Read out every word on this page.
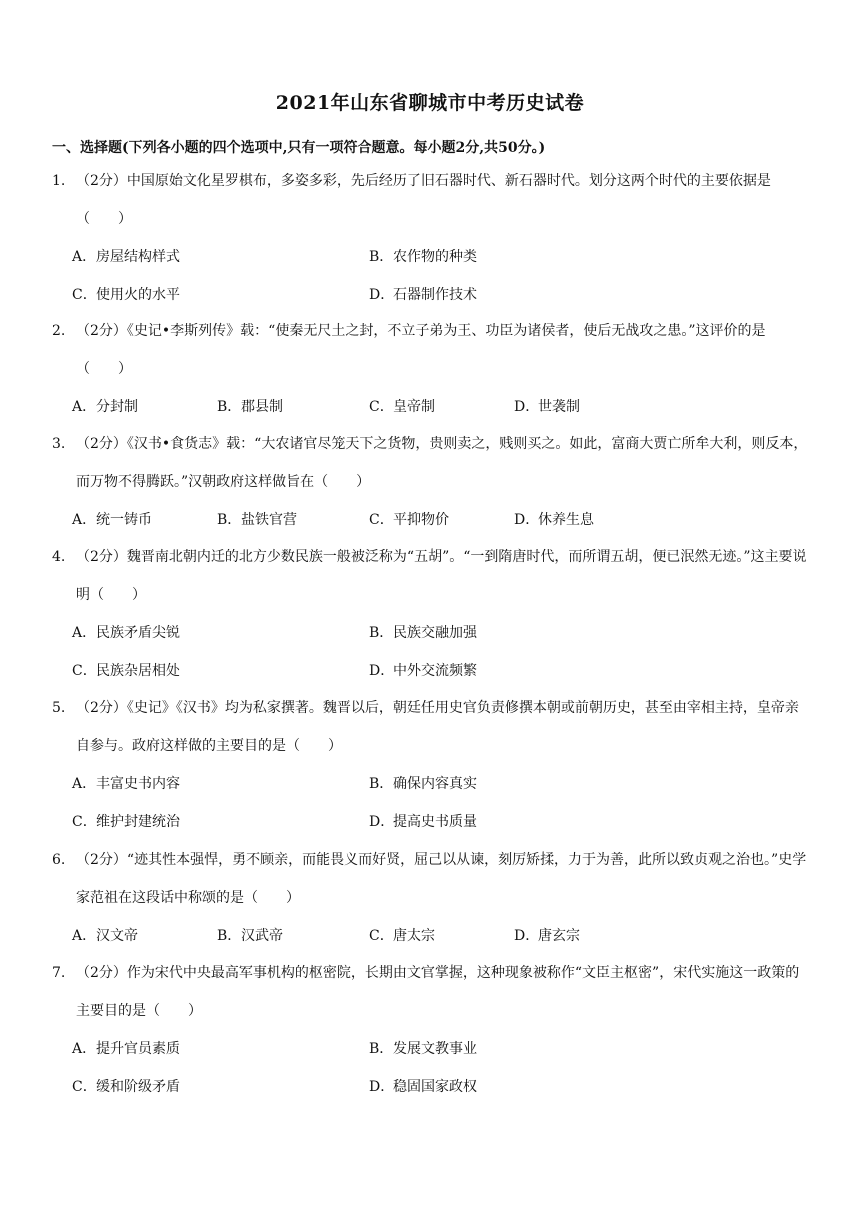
2021年山东省聊城市中考历史试卷
一、选择题(下列各小题的四个选项中,只有一项符合题意。每小题2分,共50分。)
1. （2分）中国原始文化星罗棋布，多姿多彩，先后经历了旧石器时代、新石器时代。划分这两个时代的主要依据是（　　）
A．房屋结构样式	B．农作物的种类
C．使用火的水平	D．石器制作技术
2. （2分）《史记•李斯列传》载：“使秦无尺土之封，不立子弟为王、功臣为诸侯者，使后无战攻之患。”这评价的是（　　）
A．分封制	B．郡县制	C．皇帝制	D．世袭制
3. （2分）《汉书•食货志》载：“大农诸官尽笼天下之货物，贵则卖之，贱则买之。如此，富商大贾亡所牟大利，则反本，而万物不得腾跃。”汉朝政府这样做旨在（　　）
A．统一铸币	B．盐铁官营	C．平抑物价	D．休养生息
4. （2分）魏晋南北朝内迁的北方少数民族一般被泛称为“五胡”。“一到隋唐时代，而所谓五胡，便已泯然无迹。”这主要说明（　　）
A．民族矛盾尖锐	B．民族交融加强
C．民族杂居相处	D．中外交流频繁
5. （2分）《史记》《汉书》均为私家撰著。魏晋以后，朝廷任用史官负责修撰本朝或前朝历史，甚至由宰相主持，皇帝亲自参与。政府这样做的主要目的是（　　）
A．丰富史书内容	B．确保内容真实
C．维护封建统治	D．提高史书质量
6. （2分）“迹其性本强悍，勇不顾亲，而能畏义而好贤，屈己以从谏，刻厉矫揉，力于为善，此所以致贞观之治也。”史学家范祖在这段话中称颂的是（　　）
A．汉文帝	B．汉武帝	C．唐太宗	D．唐玄宗
7. （2分）作为宋代中央最高军事机构的枢密院，长期由文官掌握，这种现象被称作“文臣主枢密”，宋代实施这一政策的主要目的是（　　）
A．提升官员素质	B．发展文教事业
C．缓和阶级矛盾	D．稳固国家政权
